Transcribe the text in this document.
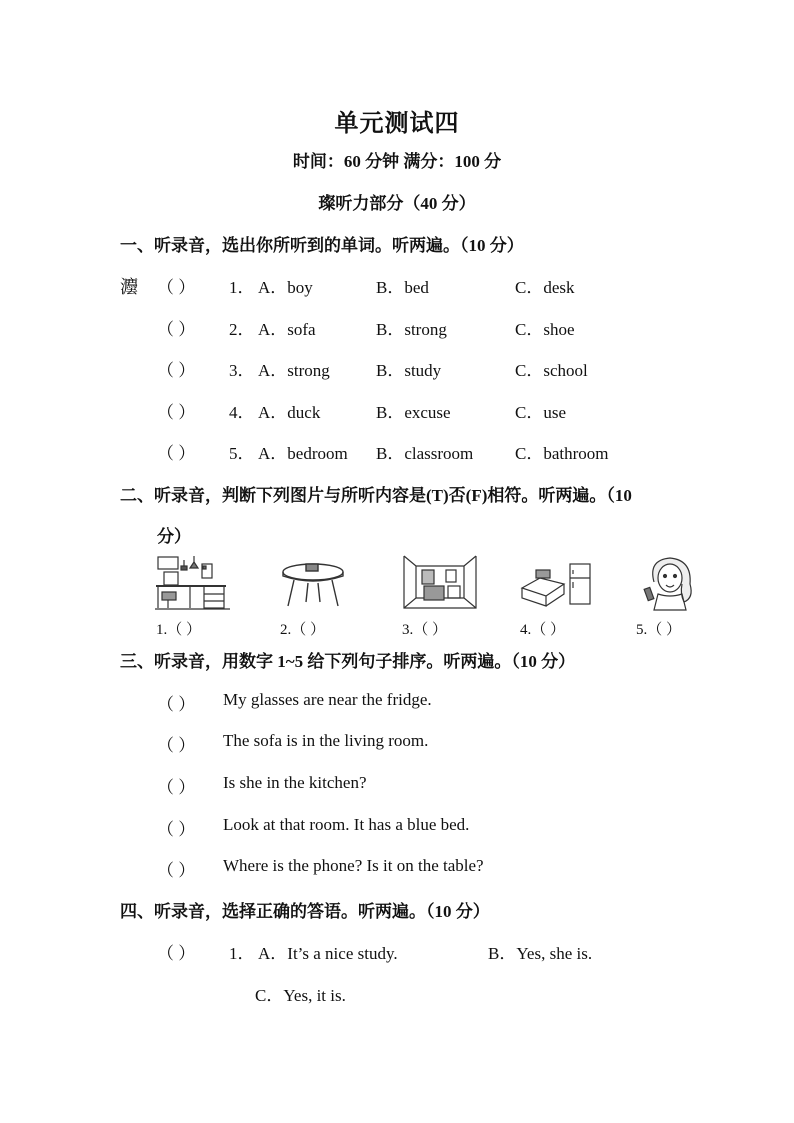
单元测试四
时间：60 分钟 满分：100 分
璨听力部分（40 分）
一、听录音，选出你所听到的单词。听两遍。（10 分）
灋 （ ） 1． A．boy	B．bed	C．desk
（ ） 2． A．sofa	B．strong	C．shoe
（ ） 3． A．strong	B．study	C．school
（ ） 4． A．duck	B．excuse	C．use
（ ） 5． A．bedroom B．classroom C．bathroom
二、听录音，判断下列图片与所听内容是(T)否(F)相符。听两遍。（10
分）
1.（ ）	2.（ ）	3.（ ）	4.（ ）	5.（ ）
三、听录音，用数字 1~5 给下列句子排序。听两遍。（10 分）
（ ） My glasses are near the fridge.
（ ） The sofa is in the living room.
（ ） Is she in the kitchen?
（ ） Look at that room. It has a blue bed.
（ ） Where is the phone? Is it on the table?
四、听录音，选择正确的答语。听两遍。（10 分）
（ ） 1． A．It’s a nice study.	B．Yes, she is.
C．Yes, it is.
